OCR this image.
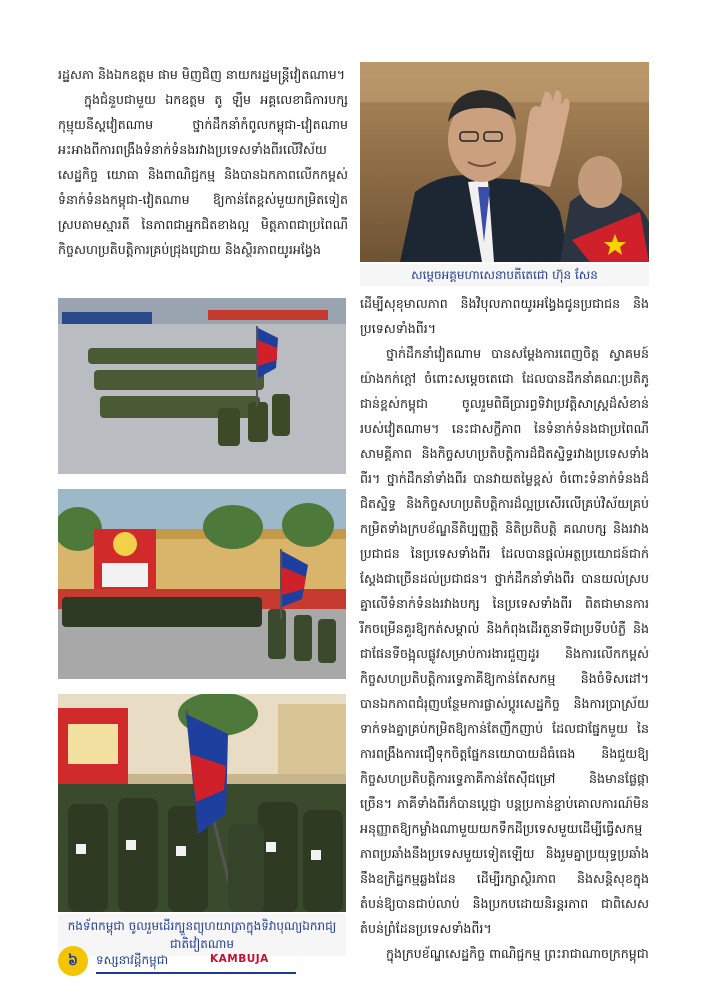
រដ្ឋសភា និងឯកឧត្តម ផាម មិញជិញ នាយករដ្ឋមន្ត្រីវៀតណាម។

ក្នុងជំនួបជាមួយ ឯកឧត្តម តូ ឡឹម អគ្គលេខាធិការបក្សកុម្មុយនីស្តវៀតណាម ថ្នាក់ដឹកនាំកំពូលកម្ពុជា-វៀតណាម អះអាងពីការពង្រឹងទំនាក់ទំនងរវាងប្រទេសទាំងពីរលើវិស័យសេដ្ឋកិច្ច យោធា និងពាណិជ្ជកម្ម និងបានឯកភាពលើកកម្ពស់ទំនាក់ទំនងកម្ពុជា-វៀតណាម ឱ្យកាន់តែខ្ពស់មួយកម្រិតទៀតស្របតាមស្មារតី នៃភាពជាអ្នកជិតខាងល្អ មិត្តភាពជាប្រពៃណី កិច្ចសហប្រតិបត្តិការគ្រប់ជ្រុងជ្រោយ និងស្ថិរភាពយូរអង្វែង

សម្តេចអគ្គមហាសេនាបតីតេជោ ហ៊ុន សែន
កងទ័ពកម្ពុជា ចូលរួមដើរក្បួនព្យុហយាត្រាក្នុងទិវាបុណ្យឯករាជ្យជាតិវៀតណាម

ដើម្បីសុខុមាលភាព និងវិបុលភាពយូរអង្វែងជូនប្រជាជន និងប្រទេសទាំងពីរ។

ថ្នាក់ដឹកនាំវៀតណាម បានសម្តែងការពេញចិត្ត ស្វាគមន៍យ៉ាងកក់ក្តៅ ចំពោះសម្តេចតេជោ ដែលបានដឹកនាំគណៈប្រតិភូជាន់ខ្ពស់កម្ពុជា ចូលរួមពិធីប្រារព្ធទិវាប្រវត្តិសាស្ត្រដ៏សំខាន់របស់វៀតណាម។ នេះជាសក្ខីភាព នៃទំនាក់ទំនងជាប្រពៃណី សាមគ្គីភាព និងកិច្ចសហប្រតិបត្តិការដ៏ជិតស្និទ្ធរវាងប្រទេសទាំងពីរ។ ថ្នាក់ដឹកនាំទាំងពីរ បានវាយតម្លៃខ្ពស់ ចំពោះទំនាក់ទំនងដ៏ជិតស្និទ្ធ និងកិច្ចសហប្រតិបត្តិការដ៏ល្អប្រសើរលើគ្រប់វិស័យគ្រប់កម្រិតទាំងក្របខ័ណ្ឌនីតិប្បញ្ញត្តិ និតិប្រតិបត្តិ គណបក្ស និងរវាងប្រជាជន នៃប្រទេសទាំងពីរ ដែលបានផ្តល់អត្ថប្រយោជន៍ជាក់ស្តែងជាច្រើនដល់ប្រជាជន។ ថ្នាក់ដឹកនាំទាំងពីរ បានយល់ស្របគ្នាលើទំនាក់ទំនងរវាងបក្ស នៃប្រទេសទាំងពីរ ពិតជាមានការរីកចម្រើនគួរឱ្យកត់សម្គាល់ និងកំពុងដើរតួនាទីជាប្រទីបបំភ្លឺ និងជាផែនទីចង្អុលផ្លូវសម្រាប់ការងារជួញដូរ និងការលើកកម្ពស់កិច្ចសហប្រតិបត្តិការទ្វេភាគីឱ្យកាន់តែសកម្ម និងចំទិសដៅ។ បានឯកភាពជំរុញបន្ថែមការផ្លាស់ប្តូរសេដ្ឋកិច្ច និងការប្រាស្រ័យទាក់ទងគ្នាគ្រប់កម្រិតឱ្យកាន់តែញឹកញាប់ ដែលជាផ្នែកមួយ នៃការពង្រឹងការជឿទុកចិត្តផ្នែកនយោបាយដ៏ធំធេង និងជួយឱ្យកិច្ចសហប្រតិបត្តិការទ្វេភាគីកាន់តែស៊ីជម្រៅ និងមានផ្លែផ្កាច្រើន។ ភាគីទាំងពីរក៏បានប្តេជ្ញា បន្តប្រកាន់ខ្ជាប់គោលការណ៍មិនអនុញ្ញាតឱ្យកម្លាំងណាមួយយកទឹកដីប្រទេសមួយដើម្បីធ្វើសកម្មភាពប្រឆាំងនឹងប្រទេសមួយទៀតឡើយ និងរួមគ្នាប្រយុទ្ធប្រឆាំងនឹងឧក្រិដ្ឋកម្មឆ្លងដែន ដើម្បីរក្សាស្ថិរភាព និងសន្តិសុខក្នុងតំបន់ឱ្យបានជាប់លាប់ និងប្រកបដោយនិរន្តរភាព ជាពិសេសតំបន់ព្រំដែនប្រទេសទាំងពីរ។

ក្នុងក្របខ័ណ្ឌសេដ្ឋកិច្ច ពាណិជ្ជកម្ម ព្រះរាជាណាចក្រកម្ពុជា

៦	ទស្សនាវដ្តីកម្ពុជា	KAMBUJA
